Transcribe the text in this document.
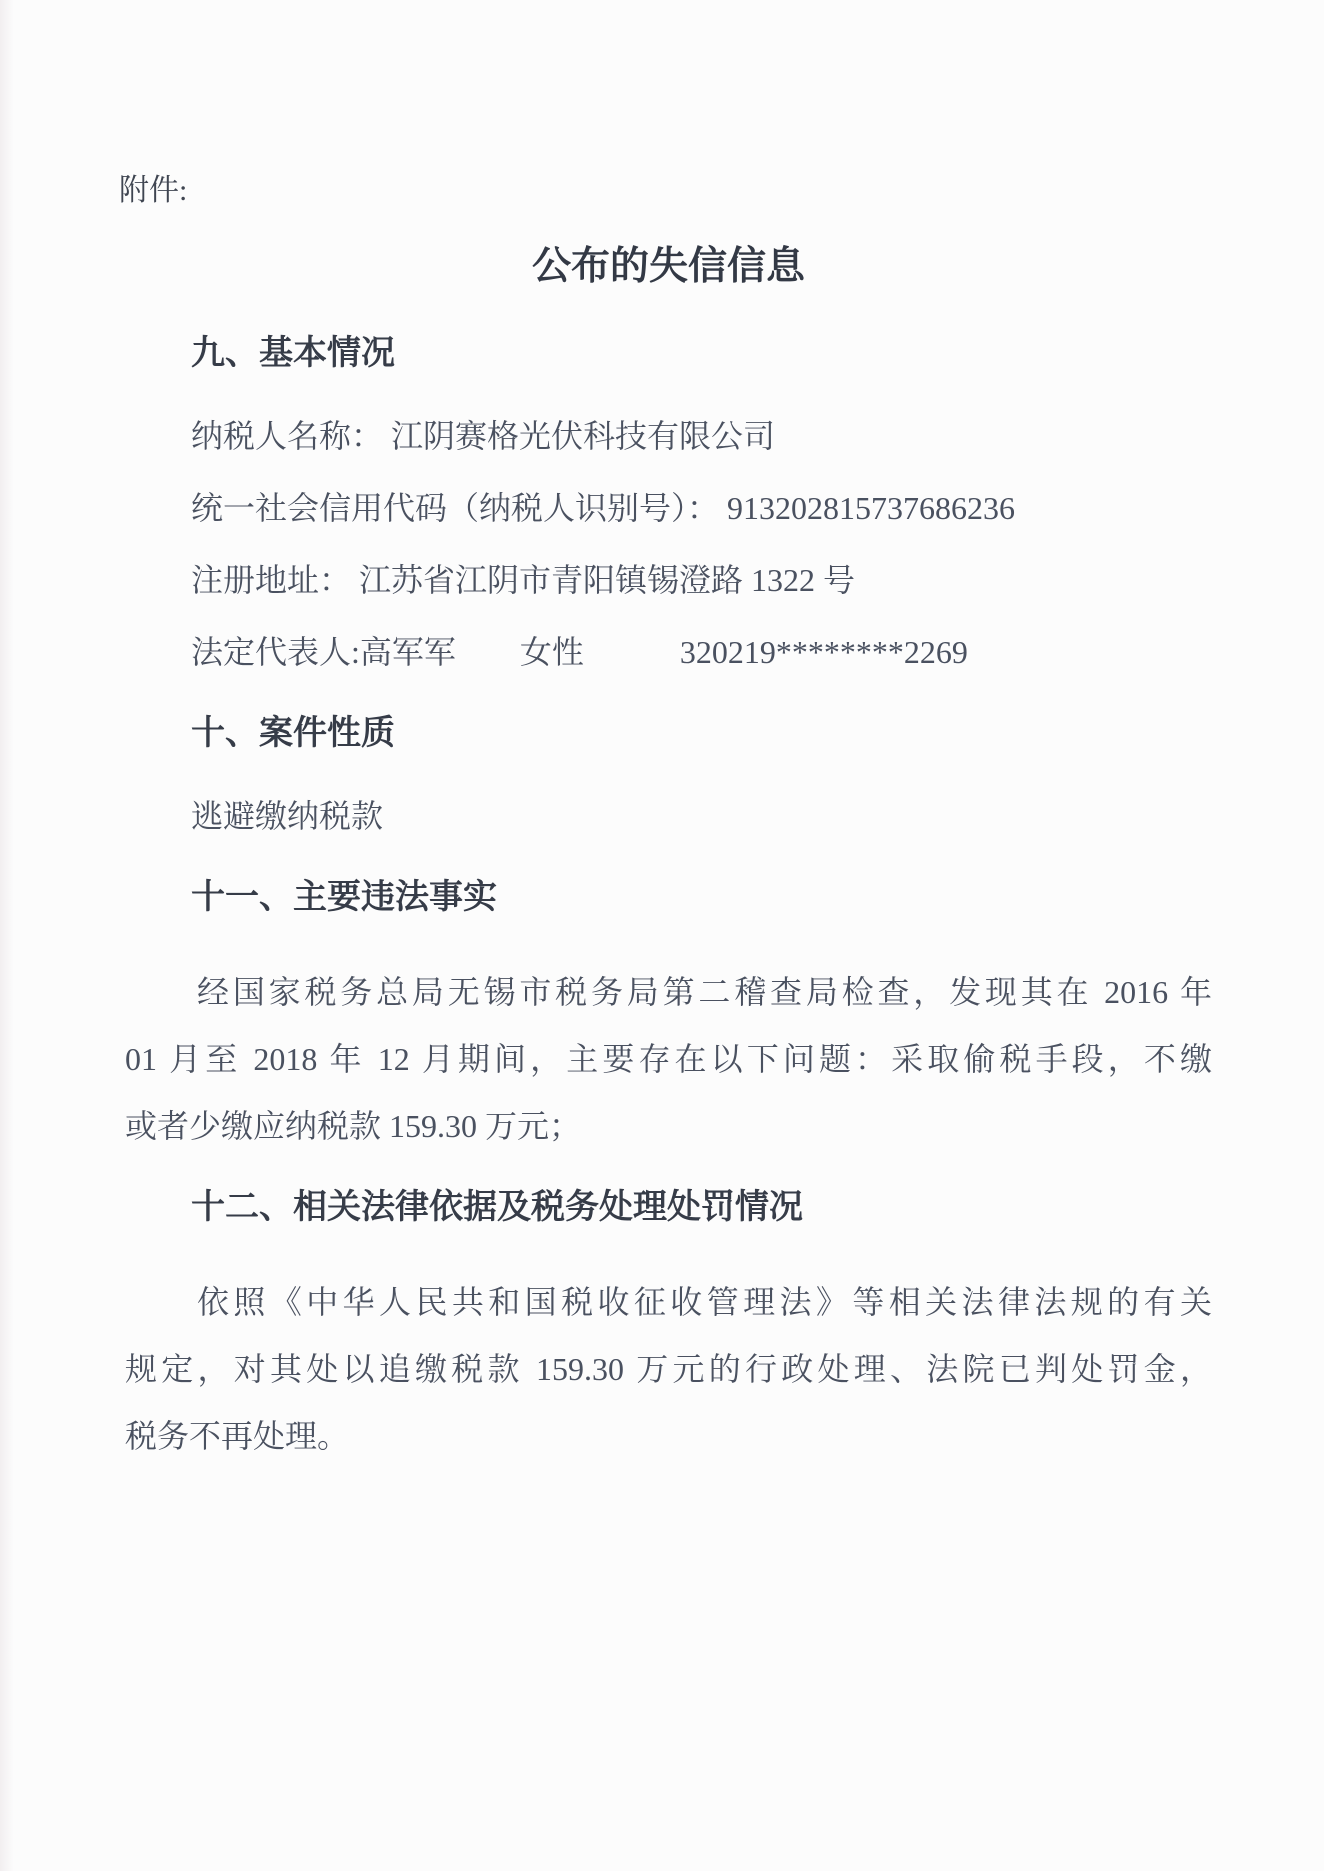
附件:
公布的失信信息
九、基本情况
纳税人名称： 江阴赛格光伏科技有限公司
统一社会信用代码（纳税人识别号）： 913202815737686236
注册地址： 江苏省江阴市青阳镇锡澄路 1322 号
法定代表人:高军军　　女性　　　320219********2269
十、案件性质
逃避缴纳税款
十一、主要违法事实
经国家税务总局无锡市税务局第二稽查局检查，发现其在 2016 年
01 月至 2018 年 12 月期间，主要存在以下问题：采取偷税手段，不缴
或者少缴应纳税款 159.30 万元；
十二、相关法律依据及税务处理处罚情况
依照《中华人民共和国税收征收管理法》等相关法律法规的有关
规定，对其处以追缴税款 159.30 万元的行政处理、法院已判处罚金，
税务不再处理。
